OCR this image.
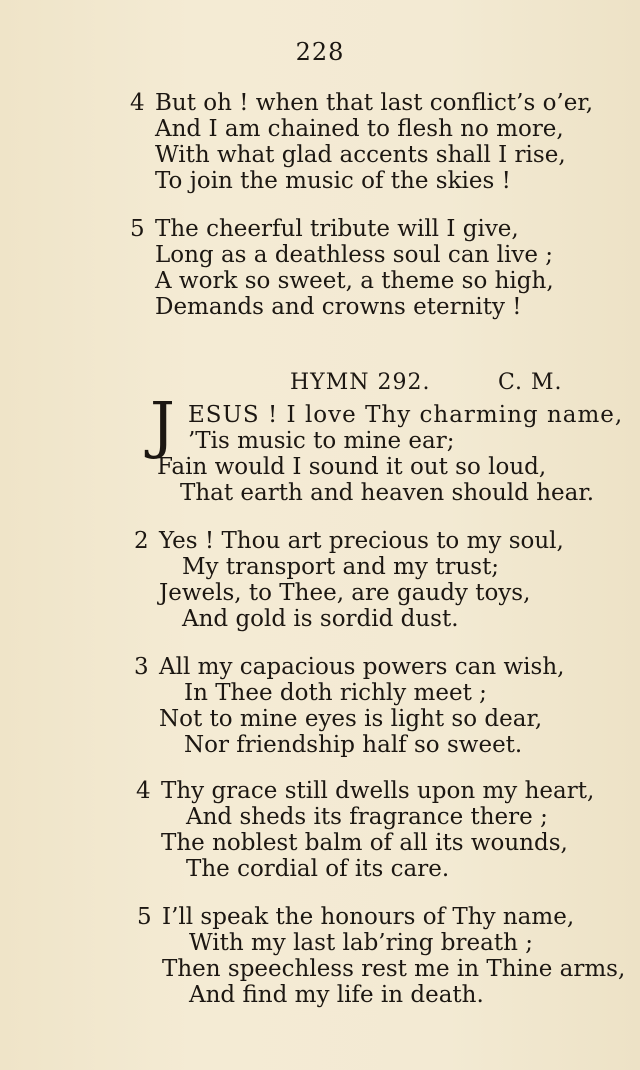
228
4 But oh ! when that last conflict’s o’er,
And I am chained to flesh no more,
With what glad accents shall I rise,
To join the music of the skies !
5 The cheerful tribute will I give,
Long as a deathless soul can live ;
A work so sweet, a theme so high,
Demands and crowns eternity !
HYMN 292.	C. M.
J ESUS ! I love Thy charming name,
’Tis music to mine ear;
Fain would I sound it out so loud,
That earth and heaven should hear.
2 Yes ! Thou art precious to my soul,
My transport and my trust;
Jewels, to Thee, are gaudy toys,
And gold is sordid dust.
3 All my capacious powers can wish,
In Thee doth richly meet ;
Not to mine eyes is light so dear,
Nor friendship half so sweet.
4 Thy grace still dwells upon my heart,
And sheds its fragrance there ;
The noblest balm of all its wounds,
The cordial of its care.
5 I’ll speak the honours of Thy name,
With my last lab’ring breath ;
Then speechless rest me in Thine arms,
And find my life in death.
